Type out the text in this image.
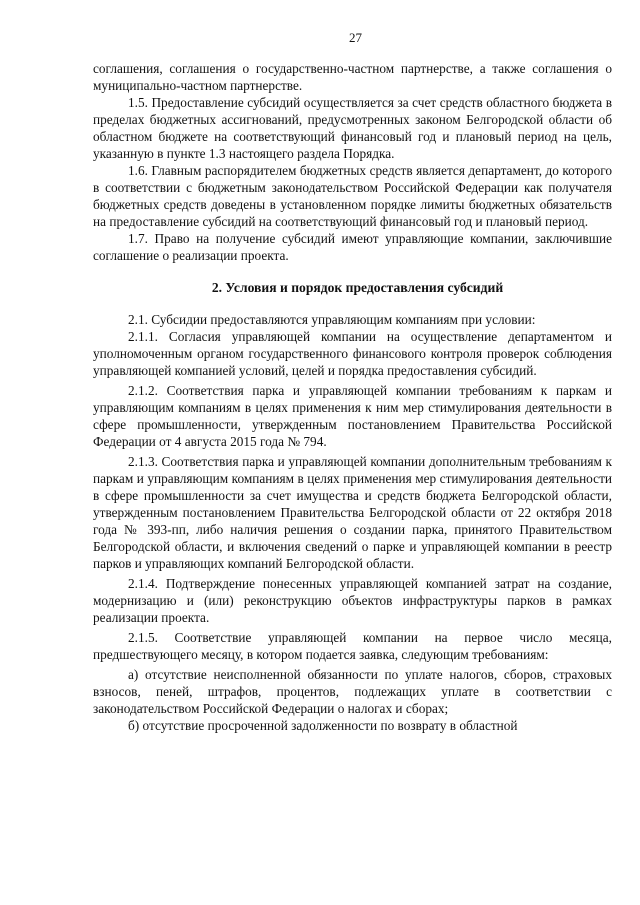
27

соглашения, соглашения о государственно-частном партнерстве, а также соглашения о муниципально-частном партнерстве.

1.5. Предоставление субсидий осуществляется за счет средств областного бюджета в пределах бюджетных ассигнований, предусмотренных законом Белгородской области об областном бюджете на соответствующий финансовый год и плановый период на цель, указанную в пункте 1.3 настоящего раздела Порядка.

1.6. Главным распорядителем бюджетных средств является департамент, до которого в соответствии с бюджетным законодательством Российской Федерации как получателя бюджетных средств доведены в установленном порядке лимиты бюджетных обязательств на предоставление субсидий на соответствующий финансовый год и плановый период.

1.7. Право на получение субсидий имеют управляющие компании, заключившие соглашение о реализации проекта.

2. Условия и порядок предоставления субсидий

2.1. Субсидии предоставляются управляющим компаниям при условии:

2.1.1. Согласия управляющей компании на осуществление департаментом и уполномоченным органом государственного финансового контроля проверок соблюдения управляющей компанией условий, целей и порядка предоставления субсидий.

2.1.2. Соответствия парка и управляющей компании требованиям к паркам и управляющим компаниям в целях применения к ним мер стимулирования деятельности в сфере промышленности, утвержденным постановлением Правительства Российской Федерации от 4 августа 2015 года № 794.

2.1.3. Соответствия парка и управляющей компании дополнительным требованиям к паркам и управляющим компаниям в целях применения мер стимулирования деятельности в сфере промышленности за счет имущества и средств бюджета Белгородской области, утвержденным постановлением Правительства Белгородской области от 22 октября 2018 года № 393-пп, либо наличия решения о создании парка, принятого Правительством Белгородской области, и включения сведений о парке и управляющей компании в реестр парков и управляющих компаний Белгородской области.

2.1.4. Подтверждение понесенных управляющей компанией затрат на создание, модернизацию и (или) реконструкцию объектов инфраструктуры парков в рамках реализации проекта.

2.1.5. Соответствие управляющей компании на первое число месяца, предшествующего месяцу, в котором подается заявка, следующим требованиям:

а) отсутствие неисполненной обязанности по уплате налогов, сборов, страховых взносов, пеней, штрафов, процентов, подлежащих уплате в соответствии с законодательством Российской Федерации о налогах и сборах;

б) отсутствие просроченной задолженности по возврату в областной
